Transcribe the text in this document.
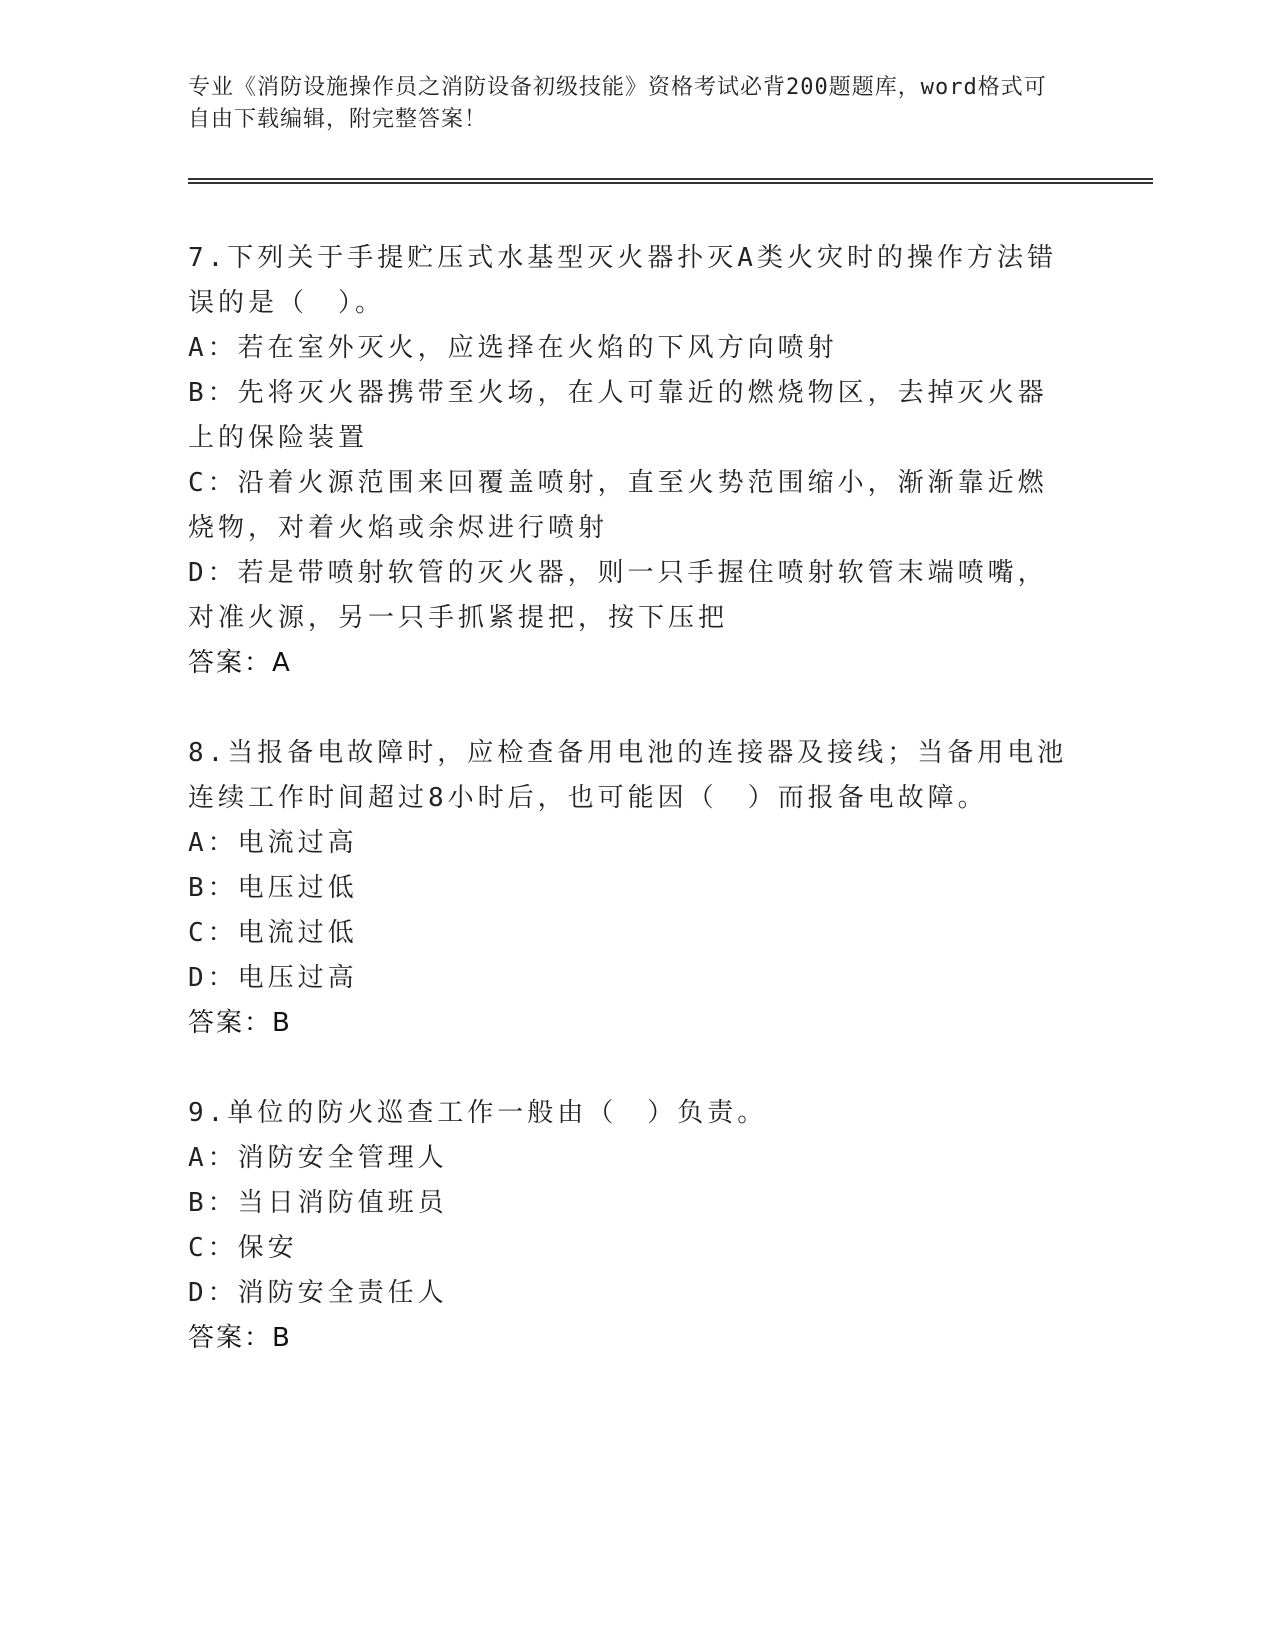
专业《消防设施操作员之消防设备初级技能》资格考试必背200题题库，word格式可自由下载编辑，附完整答案！
7.下列关于手提贮压式水基型灭火器扑灭A类火灾时的操作方法错误的是（　）。
A：若在室外灭火，应选择在火焰的下风方向喷射
B：先将灭火器携带至火场，在人可靠近的燃烧物区，去掉灭火器上的保险装置
C：沿着火源范围来回覆盖喷射，直至火势范围缩小，渐渐靠近燃烧物，对着火焰或余烬进行喷射
D：若是带喷射软管的灭火器，则一只手握住喷射软管末端喷嘴，对准火源，另一只手抓紧提把，按下压把
答案：A
8.当报备电故障时，应检查备用电池的连接器及接线；当备用电池连续工作时间超过8小时后，也可能因（　）而报备电故障。
A：电流过高
B：电压过低
C：电流过低
D：电压过高
答案：B
9.单位的防火巡查工作一般由（　）负责。
A：消防安全管理人
B：当日消防值班员
C：保安
D：消防安全责任人
答案：B
